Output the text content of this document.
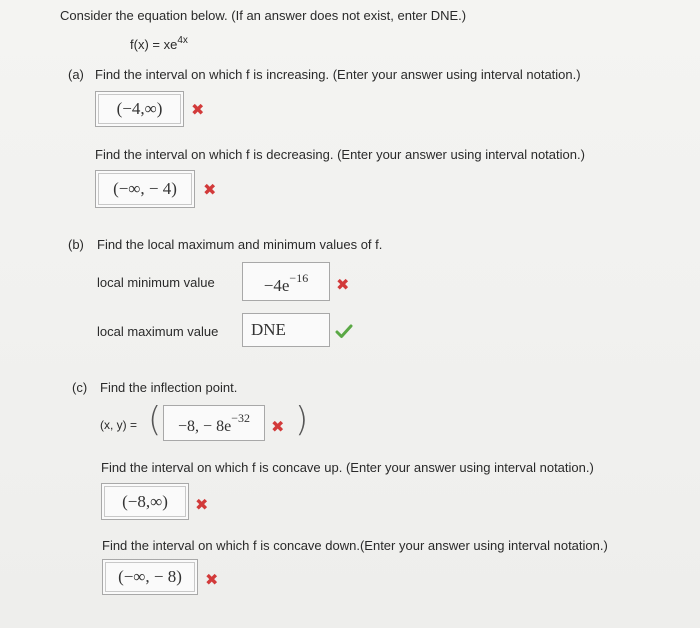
Consider the equation below. (If an answer does not exist, enter DNE.)
$f(x) = xe^{4x}$
(a) Find the interval on which f is increasing. (Enter your answer using interval notation.)
(−4,∞) ✖
Find the interval on which f is decreasing. (Enter your answer using interval notation.)
(−∞, − 4) ✖
(b) Find the local maximum and minimum values of f.
local minimum value	$-4e^{-16}$ ✖
local maximum value DNE
(c) Find the inflection point.
(x, y) = ( −8, − $8e^{-32}$ ✖ )
Find the interval on which f is concave up. (Enter your answer using interval notation.)
(−8,∞) ✖
Find the interval on which f is concave down.(Enter your answer using interval notation.)
(−∞, − 8) ✖
